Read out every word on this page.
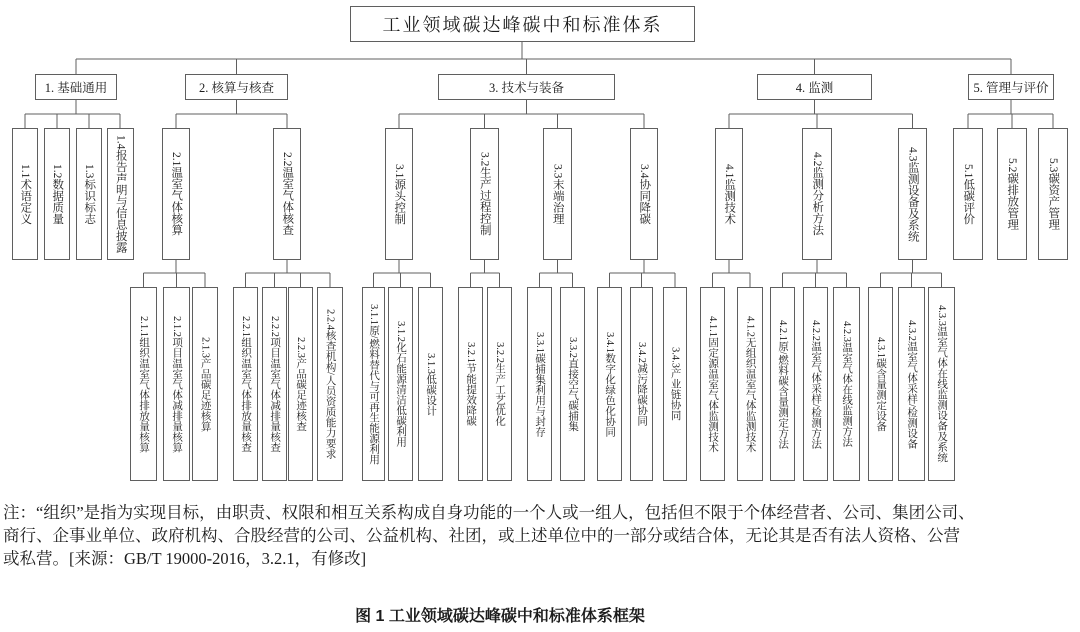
工业领域碳达峰碳中和标准体系
1. 基础通用	2. 核算与核查	3. 技术与装备	4. 监测	5. 管理与评价
1.1术语定义 1.2数据质量 1.3标识标志 1.4报告声明与信息披露	2.1温室气体核算	2.2温室气体核查	3.1源头控制	3.2生产过程控制	3.3末端治理	3.4协同降碳	4.1监测技术	4.2监测分析方法	4.3监测设备及系统	5.1低碳评价	5.2碳排放管理	5.3碳资产管理
2.1.1组织温室气体排放量核算 2.1.2项目温室气体减排量核算 2.1.3产品碳足迹核算	2.2.1组织温室气体排放量核查 2.2.2项目温室气体减排量核查 2.2.3产品碳足迹核查 2.2.4核查机构/人员资质能力要求	3.1.1原/燃料替代与可再生能源利用 3.1.2化石能源清洁低碳利用 3.1.3低碳设计	3.2.1节能提效降碳 3.2.2生产工艺优化	3.3.1碳捕集利用与封存 3.3.2直接空气碳捕集 3.4.1数字化绿色化协同 3.4.2减污降碳协同 3.4.3产业链协同	4.1.1固定源温室气体监测技术	4.1.2无组织温室气体监测技术 4.2.1原/燃料碳含量测定方法 4.2.2温室气体采样/检测方法 4.2.3温室气体在线监测方法 4.3.1碳含量测定设备 4.3.2温室气体采样/检测设备 4.3.3温室气体在线监测设备及系统
注：“组织”是指为实现目标，由职责、权限和相互关系构成自身功能的一个人或一组人，包括但不限于个体经营者、公司、集团公司、
商行、企事业单位、政府机构、合股经营的公司、公益机构、社团，或上述单位中的一部分或结合体，无论其是否有法人资格、公营
或私营。[来源：GB/T 19000-2016，3.2.1，有修改]
图 1 工业领域碳达峰碳中和标准体系框架
